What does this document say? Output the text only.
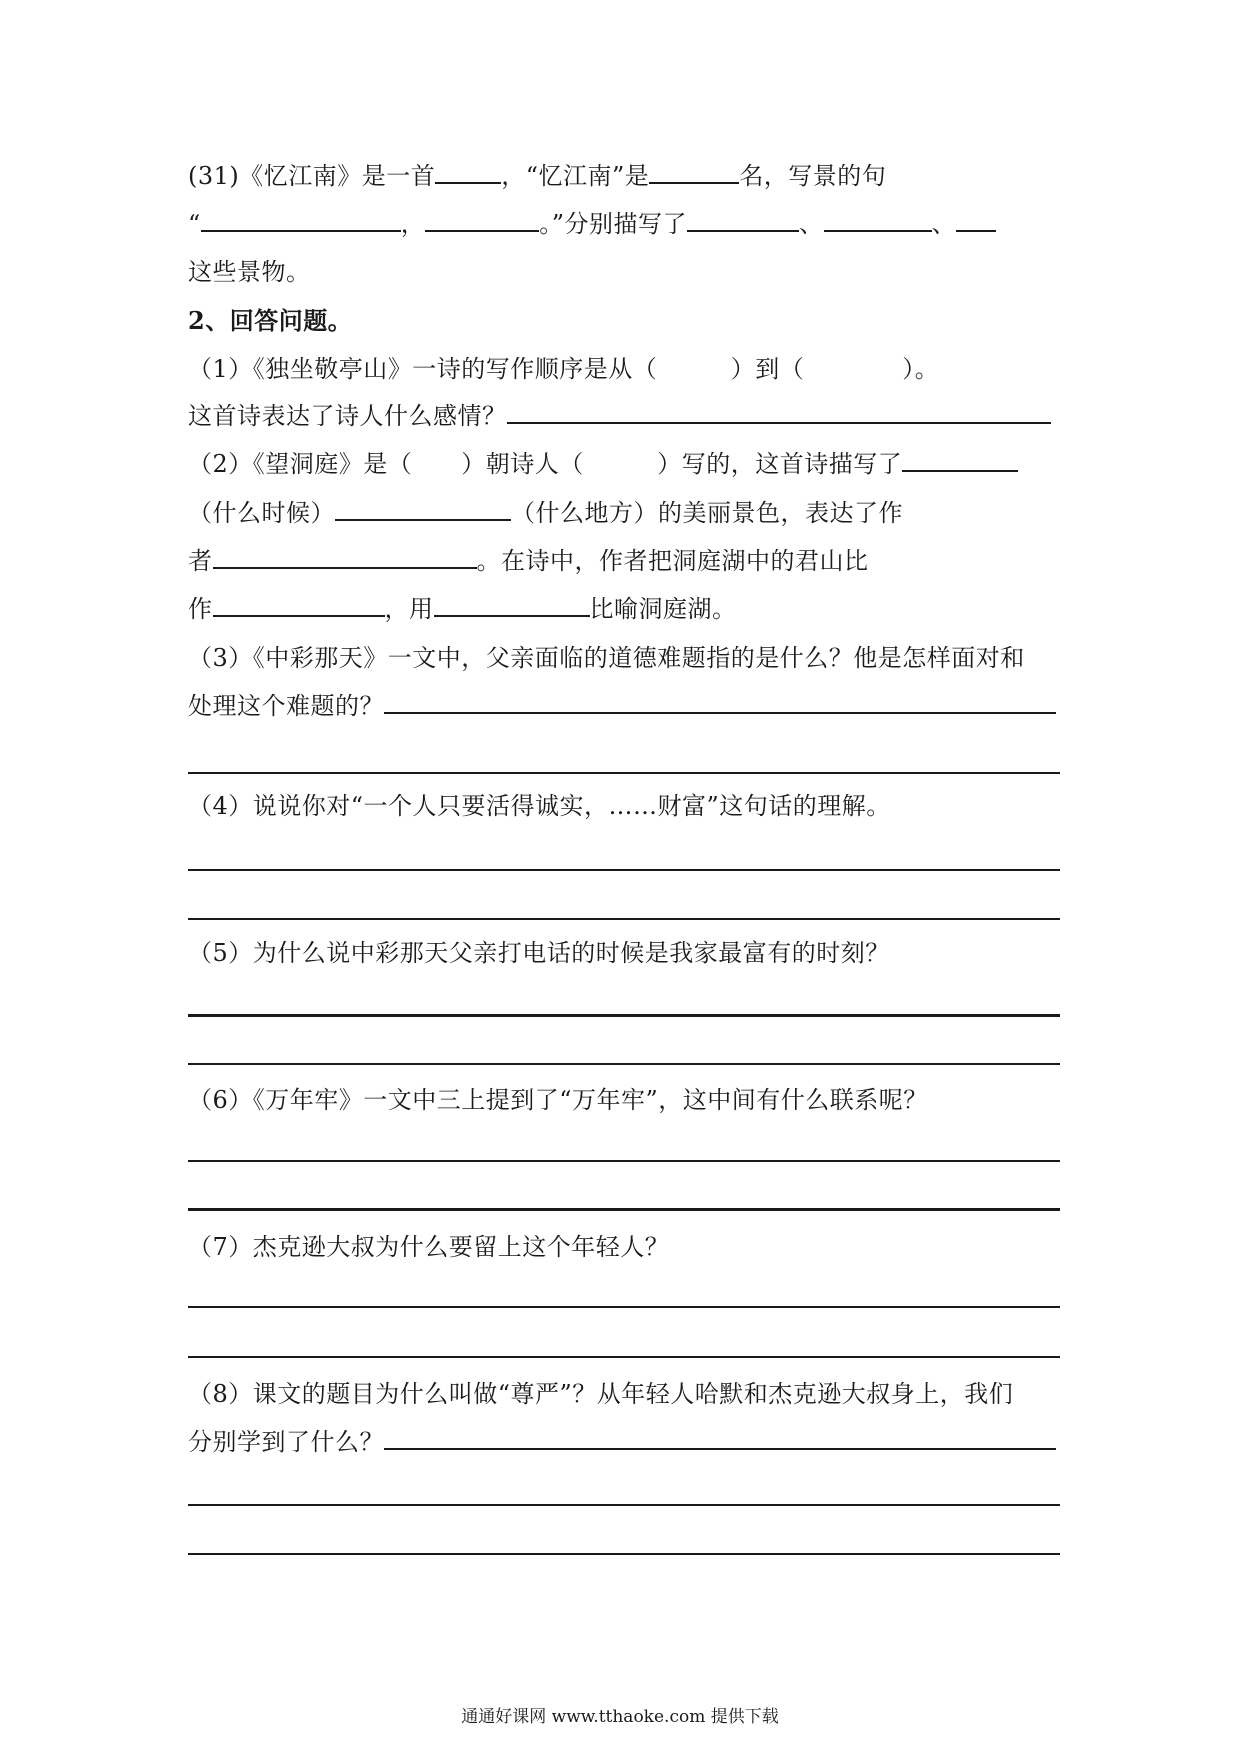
(31)《忆江南》是一首	，“忆江南”是	名，写景的句
“	，	。”分别描写了	、	、
这些景物。
2、回答问题。
（1）《独坐敬亭山》一诗的写作顺序是从（　　　）到（　　　　）。
这首诗表达了诗人什么感情？
（2）《望洞庭》是（　　）朝诗人（　　　）写的，这首诗描写了
（什么时候）	（什么地方）的美丽景色，表达了作
者	。在诗中，作者把洞庭湖中的君山比
作	，用	比喻洞庭湖。
（3）《中彩那天》一文中，父亲面临的道德难题指的是什么？他是怎样面对和
处理这个难题的？
（4）说说你对“一个人只要活得诚实，……财富”这句话的理解。
（5）为什么说中彩那天父亲打电话的时候是我家最富有的时刻？
（6）《万年牢》一文中三上提到了“万年牢”，这中间有什么联系呢？
（7）杰克逊大叔为什么要留上这个年轻人？
（8）课文的题目为什么叫做“尊严”？从年轻人哈默和杰克逊大叔身上，我们
分别学到了什么？
通通好课网 www.tthaoke.com 提供下载
